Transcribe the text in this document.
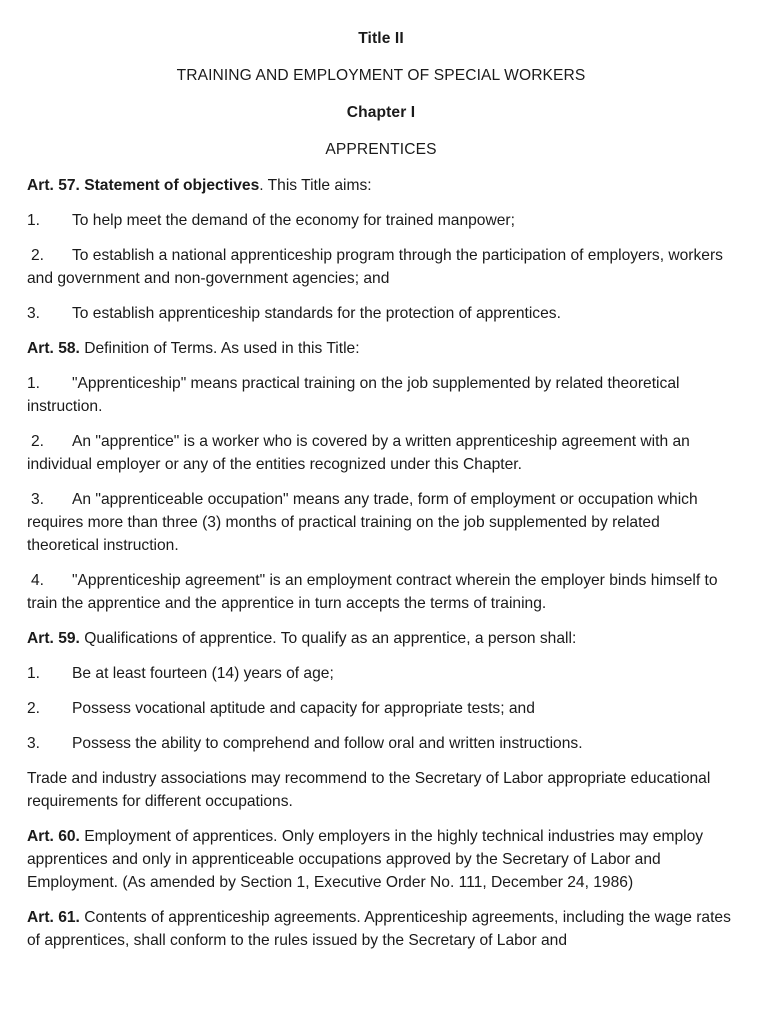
Title II

TRAINING AND EMPLOYMENT OF SPECIAL WORKERS

Chapter I

APPRENTICES

Art. 57. Statement of objectives. This Title aims:

1. To help meet the demand of the economy for trained manpower;

2. To establish a national apprenticeship program through the participation of employers, workers and government and non-government agencies; and

3. To establish apprenticeship standards for the protection of apprentices.

Art. 58. Definition of Terms. As used in this Title:

1. "Apprenticeship" means practical training on the job supplemented by related theoretical instruction.

2. An "apprentice" is a worker who is covered by a written apprenticeship agreement with an individual employer or any of the entities recognized under this Chapter.

3. An "apprenticeable occupation" means any trade, form of employment or occupation which requires more than three (3) months of practical training on the job supplemented by related theoretical instruction.

4. "Apprenticeship agreement" is an employment contract wherein the employer binds himself to train the apprentice and the apprentice in turn accepts the terms of training.

Art. 59. Qualifications of apprentice. To qualify as an apprentice, a person shall:

1. Be at least fourteen (14) years of age;

2. Possess vocational aptitude and capacity for appropriate tests; and

3. Possess the ability to comprehend and follow oral and written instructions.

Trade and industry associations may recommend to the Secretary of Labor appropriate educational requirements for different occupations.

Art. 60. Employment of apprentices. Only employers in the highly technical industries may employ apprentices and only in apprenticeable occupations approved by the Secretary of Labor and Employment. (As amended by Section 1, Executive Order No. 111, December 24, 1986)

Art. 61. Contents of apprenticeship agreements. Apprenticeship agreements, including the wage rates of apprentices, shall conform to the rules issued by the Secretary of Labor and
